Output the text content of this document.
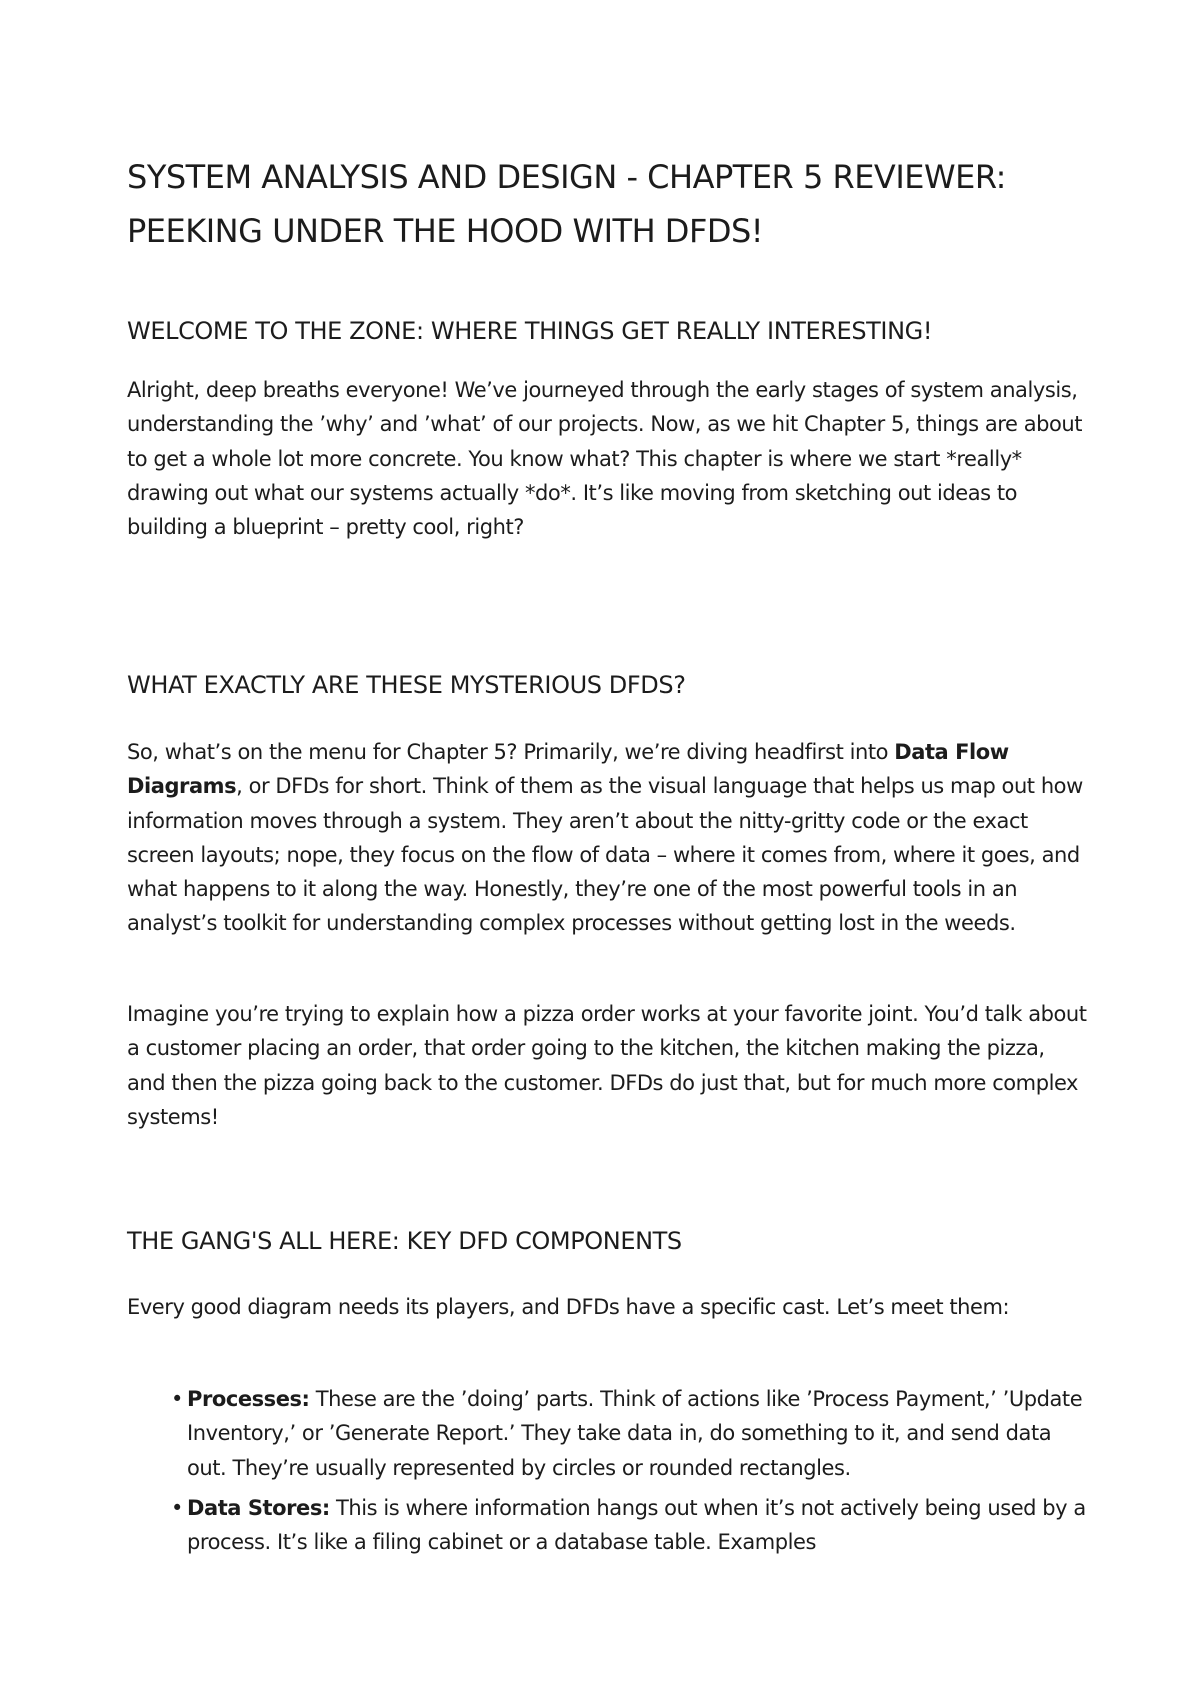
SYSTEM ANALYSIS AND DESIGN - CHAPTER 5 REVIEWER:
PEEKING UNDER THE HOOD WITH DFDS!
WELCOME TO THE ZONE: WHERE THINGS GET REALLY INTERESTING!

Alright, deep breaths everyone! We’ve journeyed through the early stages of system analysis, understanding the ’why’ and ’what’ of our projects. Now, as we hit Chapter 5, things are about to get a whole lot more concrete. You know what? This chapter is where we start *really* drawing out what our systems actually *do*. It’s like moving from sketching out ideas to building a blueprint – pretty cool, right?

WHAT EXACTLY ARE THESE MYSTERIOUS DFDS?

So, what’s on the menu for Chapter 5? Primarily, we’re diving headfirst into Data Flow Diagrams, or DFDs for short. Think of them as the visual language that helps us map out how information moves through a system. They aren’t about the nitty-gritty code or the exact screen layouts; nope, they focus on the flow of data – where it comes from, where it goes, and what happens to it along the way. Honestly, they’re one of the most powerful tools in an analyst’s toolkit for understanding complex processes without getting lost in the weeds.

Imagine you’re trying to explain how a pizza order works at your favorite joint. You’d talk about a customer placing an order, that order going to the kitchen, the kitchen making the pizza, and then the pizza going back to the customer. DFDs do just that, but for much more complex systems!

THE GANG'S ALL HERE: KEY DFD COMPONENTS

Every good diagram needs its players, and DFDs have a specific cast. Let’s meet them:

• Processes: These are the ’doing’ parts. Think of actions like ’Process Payment,’ ’Update Inventory,’ or ’Generate Report.’ They take data in, do something to it, and send data out. They’re usually represented by circles or rounded rectangles.
• Data Stores: This is where information hangs out when it’s not actively being used by a process. It’s like a filing cabinet or a database table. Examples
